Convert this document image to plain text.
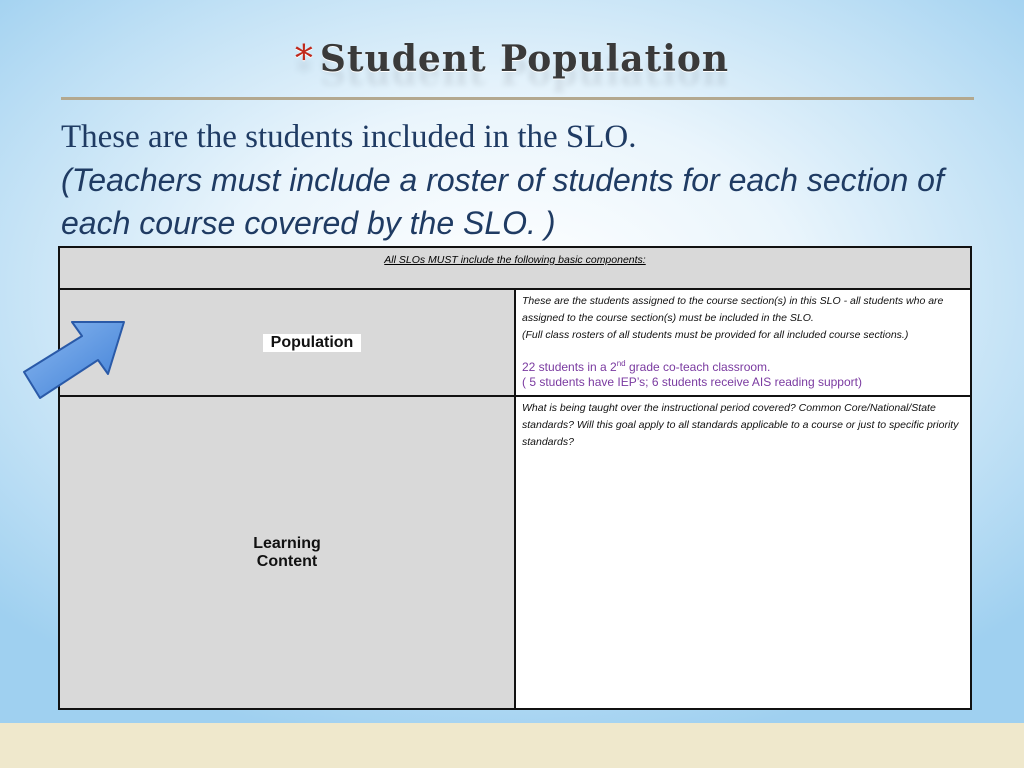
* Student Population
These are the students included in the SLO.
(Teachers must include a roster of students for each section of each course covered by the SLO. )
All SLOs MUST include the following basic components:	
Population	These are the students assigned to the course section(s) in this SLO - all students who are assigned to the course section(s) must be included in the SLO.
(Full class rosters of all students must be provided for all included course sections.)
22 students in a 2nd grade co-teach classroom.
( 5 students have IEP’s; 6 students receive AIS reading support)

Learning
Content	What is being taught over the instructional period covered? Common Core/National/State standards? Will this goal apply to all standards applicable to a course or just to specific priority standards?
